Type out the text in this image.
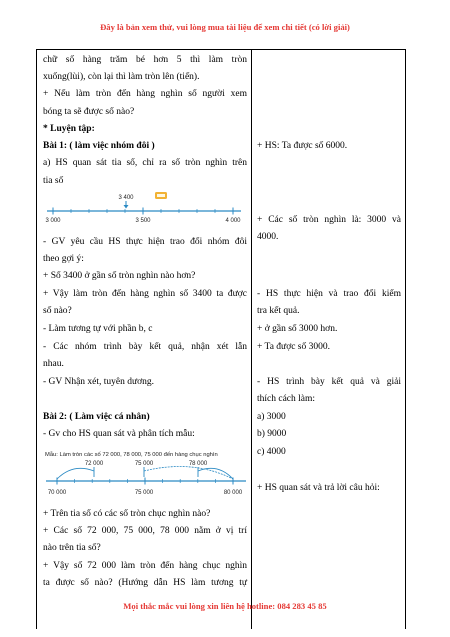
Đây là bản xem thử, vui lòng mua tài liệu để xem chi tiết (có lời giải)
chữ số hàng trăm bé hơn 5 thì làm tròn
xuống(lùi), còn lại thì làm tròn lên (tiến).
+ Nếu làm tròn đến hàng nghìn số người xem
bóng ta sẽ được số nào?
* Luyện tập:
Bài 1: ( làm việc nhóm đôi )
a) HS quan sát tia số, chỉ ra số tròn nghìn trên
tia số
3 400
3 000	3 500	4 000
- GV yêu cầu HS thực hiện trao đổi nhóm đôi
theo gợi ý:
+ Số 3400 ở gần số tròn nghìn nào hơn?
+ Vậy làm tròn đến hàng nghìn số 3400 ta được
số nào?
- Làm tương tự với phần b, c
- Các nhóm trình bày kết quả, nhận xét lẫn
nhau.
- GV Nhận xét, tuyên dương.
Bài 2: ( Làm việc cá nhân)
- Gv cho HS quan sát và phân tích mẫu:
Mẫu: Làm tròn các số 72 000, 78 000, 75 000 đến hàng chục nghìn
72 000	75 000	78 000
70 000	75 000	80 000
+ Trên tia số có các số tròn chục nghìn nào?
+ Các số 72 000, 75 000, 78 000 nằm ở vị trí
nào trên tia số?
+ Vậy số 72 000 làm tròn đến hàng chục nghìn
ta được số nào? (Hướng dẫn HS làm tương tự
+ HS: Ta được số 6000.
+ Các số tròn nghìn là: 3000 và
4000.
- HS thực hiện và trao đổi kiểm
tra kết quả.
+ ở gần số 3000 hơn.
+ Ta được số 3000.
- HS trình bày kết quả và giải
thích cách làm:
a) 3000
b) 9000
c) 4000
+ HS quan sát và trả lời câu hỏi:
Mọi thắc mắc vui lòng xin liên hệ hotline: 084 283 45 85
